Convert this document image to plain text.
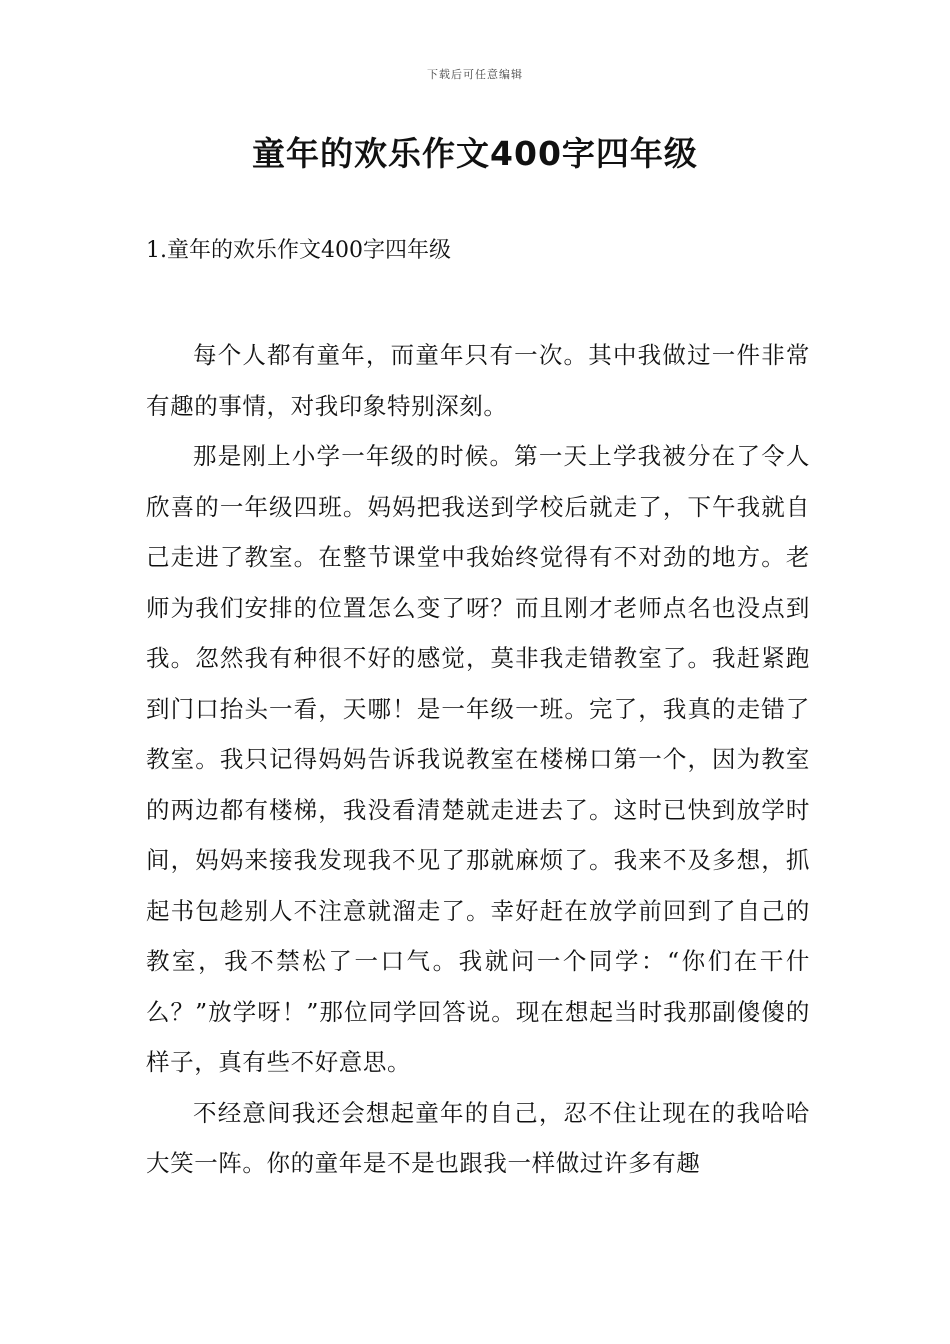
下载后可任意编辑
童年的欢乐作文400字四年级
1.童年的欢乐作文400字四年级

每个人都有童年，而童年只有一次。其中我做过一件非常有趣的事情，对我印象特别深刻。

那是刚上小学一年级的时候。第一天上学我被分在了令人欣喜的一年级四班。妈妈把我送到学校后就走了，下午我就自己走进了教室。在整节课堂中我始终觉得有不对劲的地方。老师为我们安排的位置怎么变了呀？而且刚才老师点名也没点到我。忽然我有种很不好的感觉，莫非我走错教室了。我赶紧跑到门口抬头一看，天哪！是一年级一班。完了，我真的走错了教室。我只记得妈妈告诉我说教室在楼梯口第一个，因为教室的两边都有楼梯，我没看清楚就走进去了。这时已快到放学时间，妈妈来接我发现我不见了那就麻烦了。我来不及多想，抓起书包趁别人不注意就溜走了。幸好赶在放学前回到了自己的教室，我不禁松了一口气。我就问一个同学：“你们在干什么？”放学呀！”那位同学回答说。现在想起当时我那副傻傻的样子，真有些不好意思。

不经意间我还会想起童年的自己，忍不住让现在的我哈哈大笑一阵。你的童年是不是也跟我一样做过许多有趣
